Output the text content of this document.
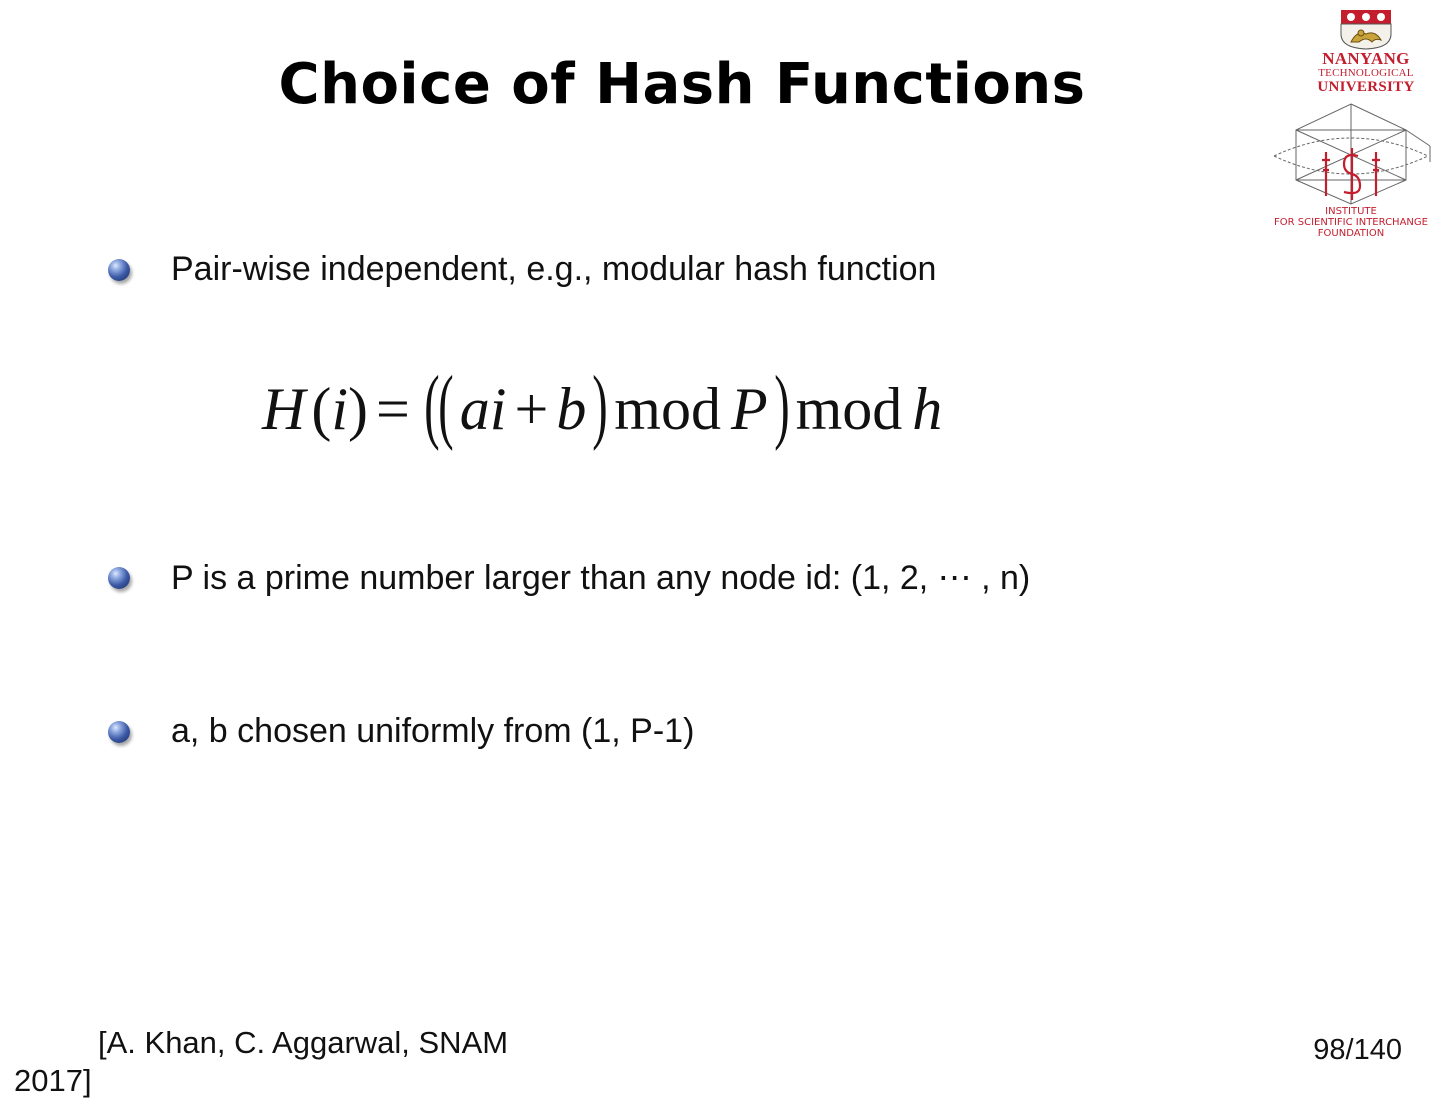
Choice of Hash Functions	NANYANG
TECHNOLOGICAL
UNIVERSITY
INSTITUTE
FOR SCIENTIFIC INTERCHANGE
FOUNDATION
Pair-wise independent, e.g., modular hash function
H ( i ) = (
( a i + b ) mod P ) mod h
P is a prime number larger than any node id: (1, 2, ⋯ , n)
a, b chosen uniformly from (1, P-1)
[A. Khan, C. Aggarwal, SNAM
2017]
98/140
